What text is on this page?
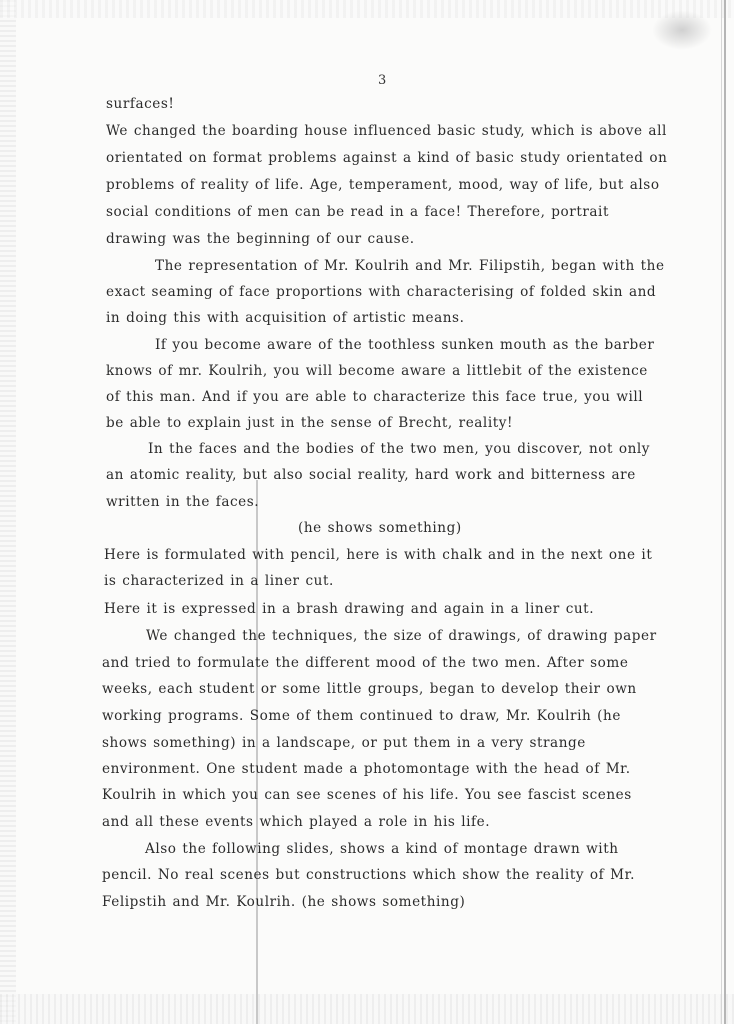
3
surfaces!
We changed the boarding house influenced basic study, which is above all
orientated on format problems against a kind of basic study orientated on
problems of reality of life. Age, temperament, mood, way of life, but also
social conditions of men can be read in a face! Therefore, portrait
drawing was the beginning of our cause.
The representation of Mr. Koulrih and Mr. Filipstih, began with the
exact seaming of face proportions with characterising of folded skin and
in doing this with acquisition of artistic means.
If you become aware of the toothless sunken mouth as the barber
knows of mr. Koulrih, you will become aware a littlebit of the existence
of this man. And if you are able to characterize this face true, you will
be able to explain just in the sense of Brecht, reality!
In the faces and the bodies of the two men, you discover, not only
an atomic reality, but also social reality, hard work and bitterness are
written in the faces.
(he shows something)
Here is formulated with pencil, here is with chalk and in the next one it
is characterized in a liner cut.
Here it is expressed in a brash drawing and again in a liner cut.
We changed the techniques, the size of drawings, of drawing paper
and tried to formulate the different mood of the two men. After some
weeks, each student or some little groups, began to develop their own
working programs. Some of them continued to draw, Mr. Koulrih (he
shows something) in a landscape, or put them in a very strange
environment. One student made a photomontage with the head of Mr.
Koulrih in which you can see scenes of his life. You see fascist scenes
and all these events which played a role in his life.
Also the following slides, shows a kind of montage drawn with
pencil. No real scenes but constructions which show the reality of Mr.
Felipstih and Mr. Koulrih. (he shows something)
